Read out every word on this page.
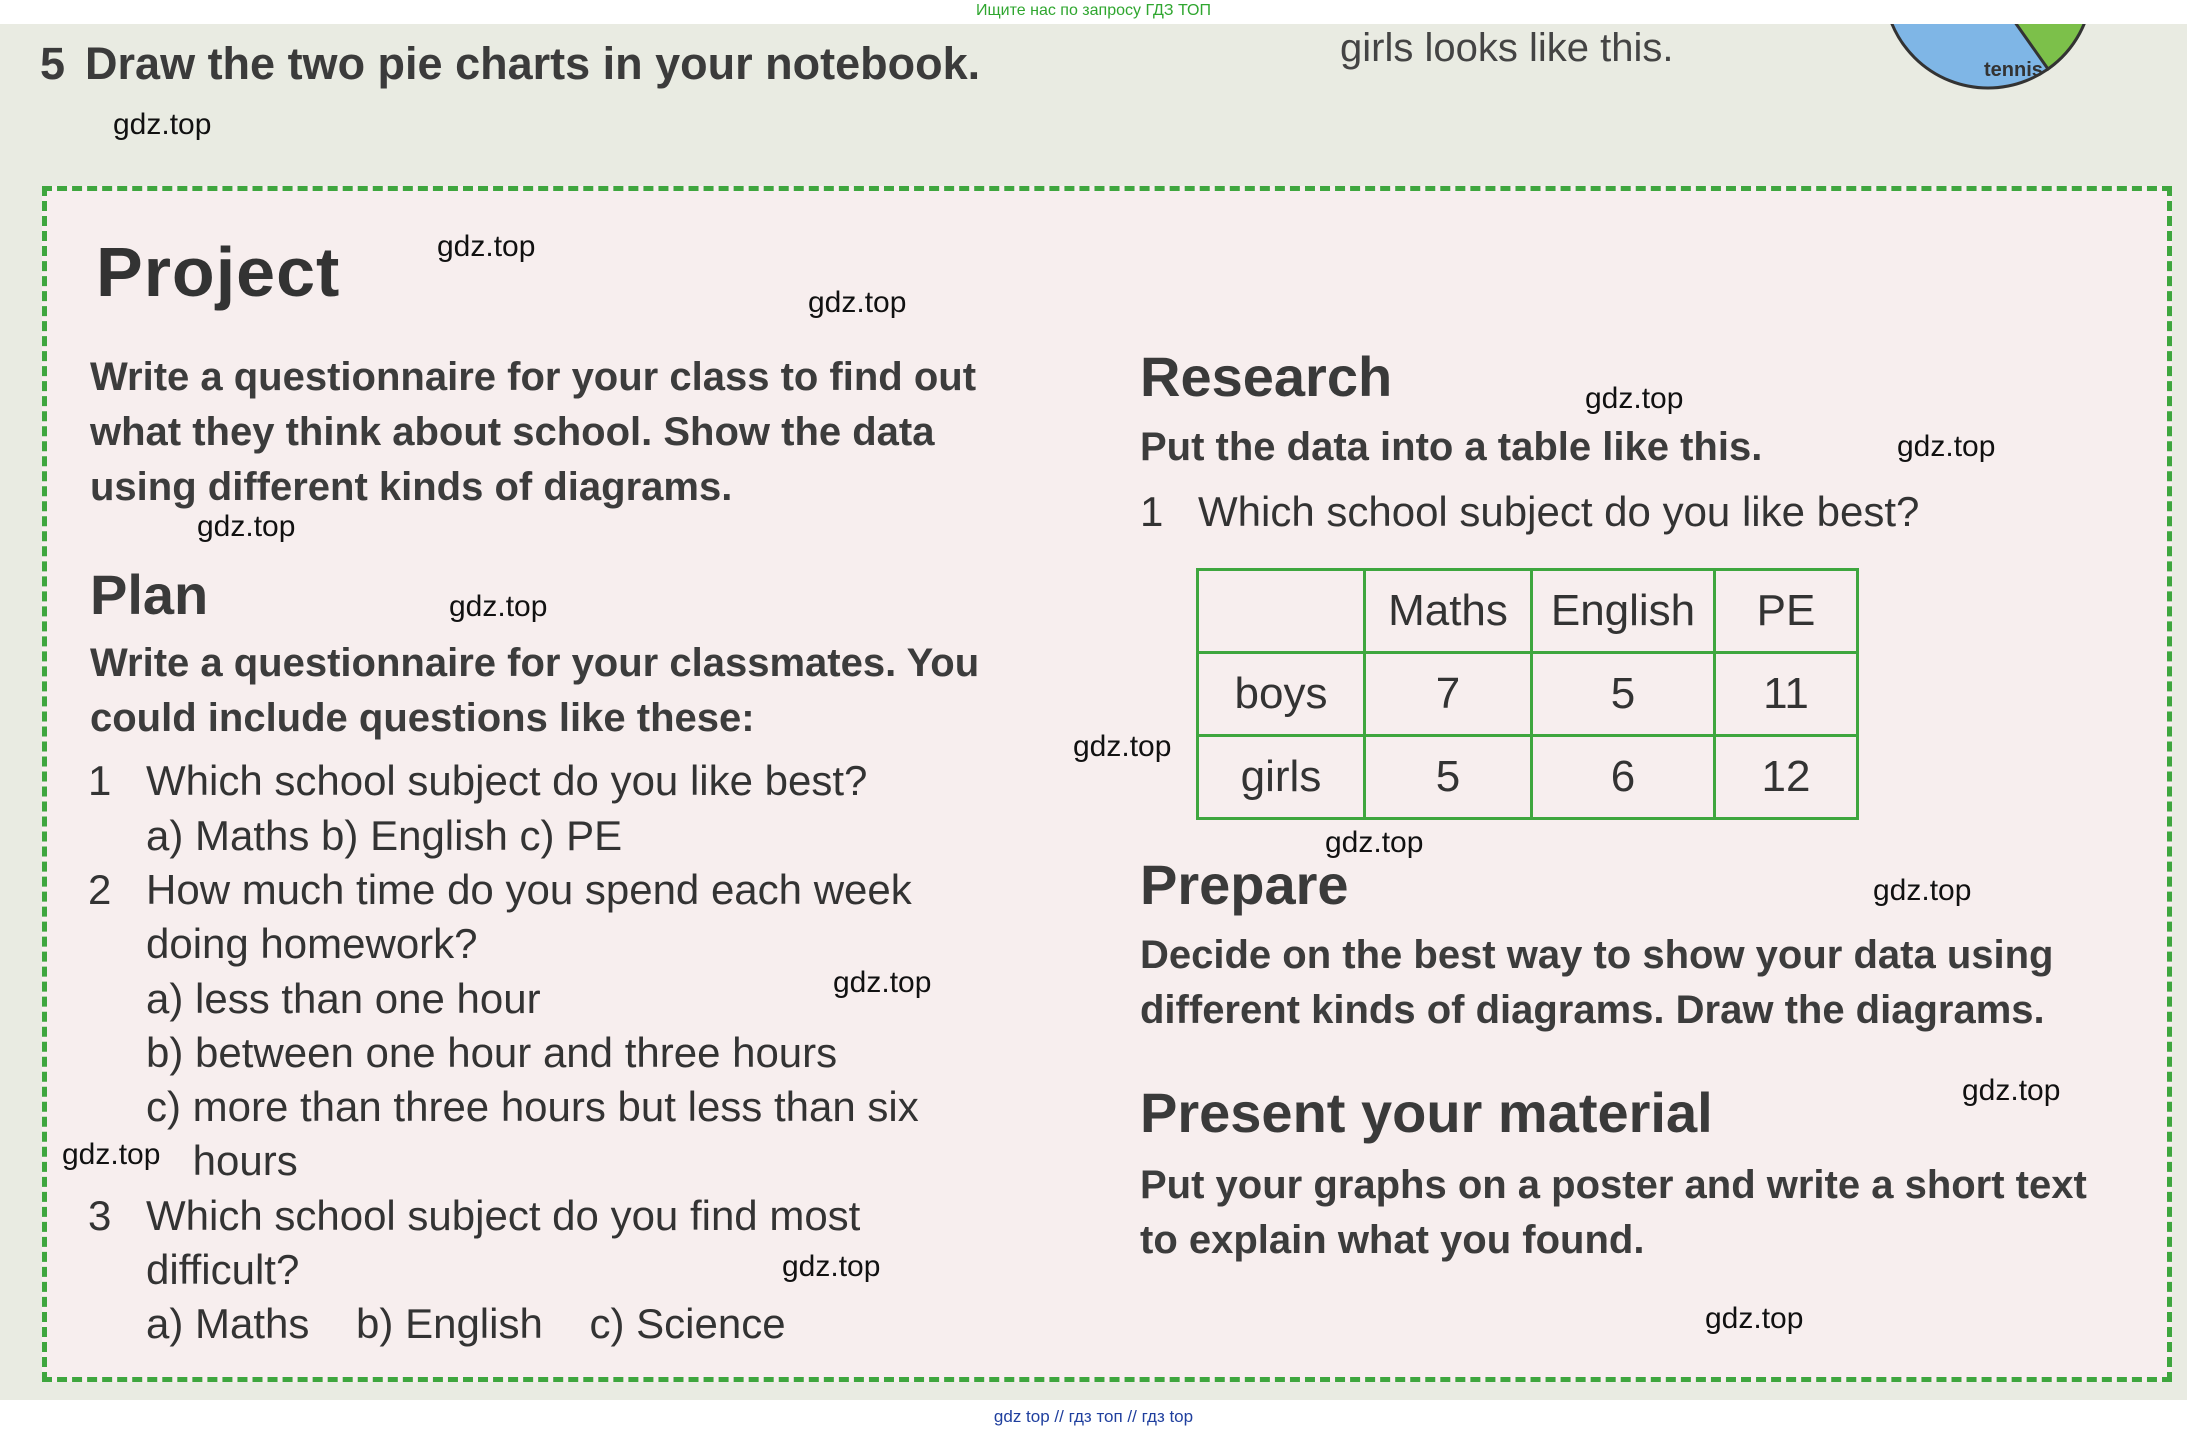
Ищите нас по запросу ГДЗ ТОП
5 Draw the two pie charts in your notebook.	girls looks like this.	tennis
gdz.top
Project
Write a questionnaire for your class to find out
what they think about school. Show the data
using different kinds of diagrams.
Plan
Write a questionnaire for your classmates. You
could include questions like these:
1 Which school subject do you like best?
a) Maths b) English c) PE
2 How much time do you spend each week
doing homework?
a) less than one hour
b) between one hour and three hours
c) more than three hours but less than six
hours
3 Which school subject do you find most
difficult?
a) Maths    b) English    c) Science
Research
Put the data into a table like this.
1 Which school subject do you like best?
	Maths	English	PE
boys	7	5	11
girls	5	6	12
Prepare
Decide on the best way to show your data using
different kinds of diagrams. Draw the diagrams.
Present your material
Put your graphs on a poster and write a short text
to explain what you found.
gdz.top
gdz.top
gdz.top
gdz.top
gdz.top
gdz.top
gdz.top
gdz.top
gdz.top
gdz.top
gdz.top
gdz.top
gdz.top
gdz.top
gdz top // гдз топ // гдз top
